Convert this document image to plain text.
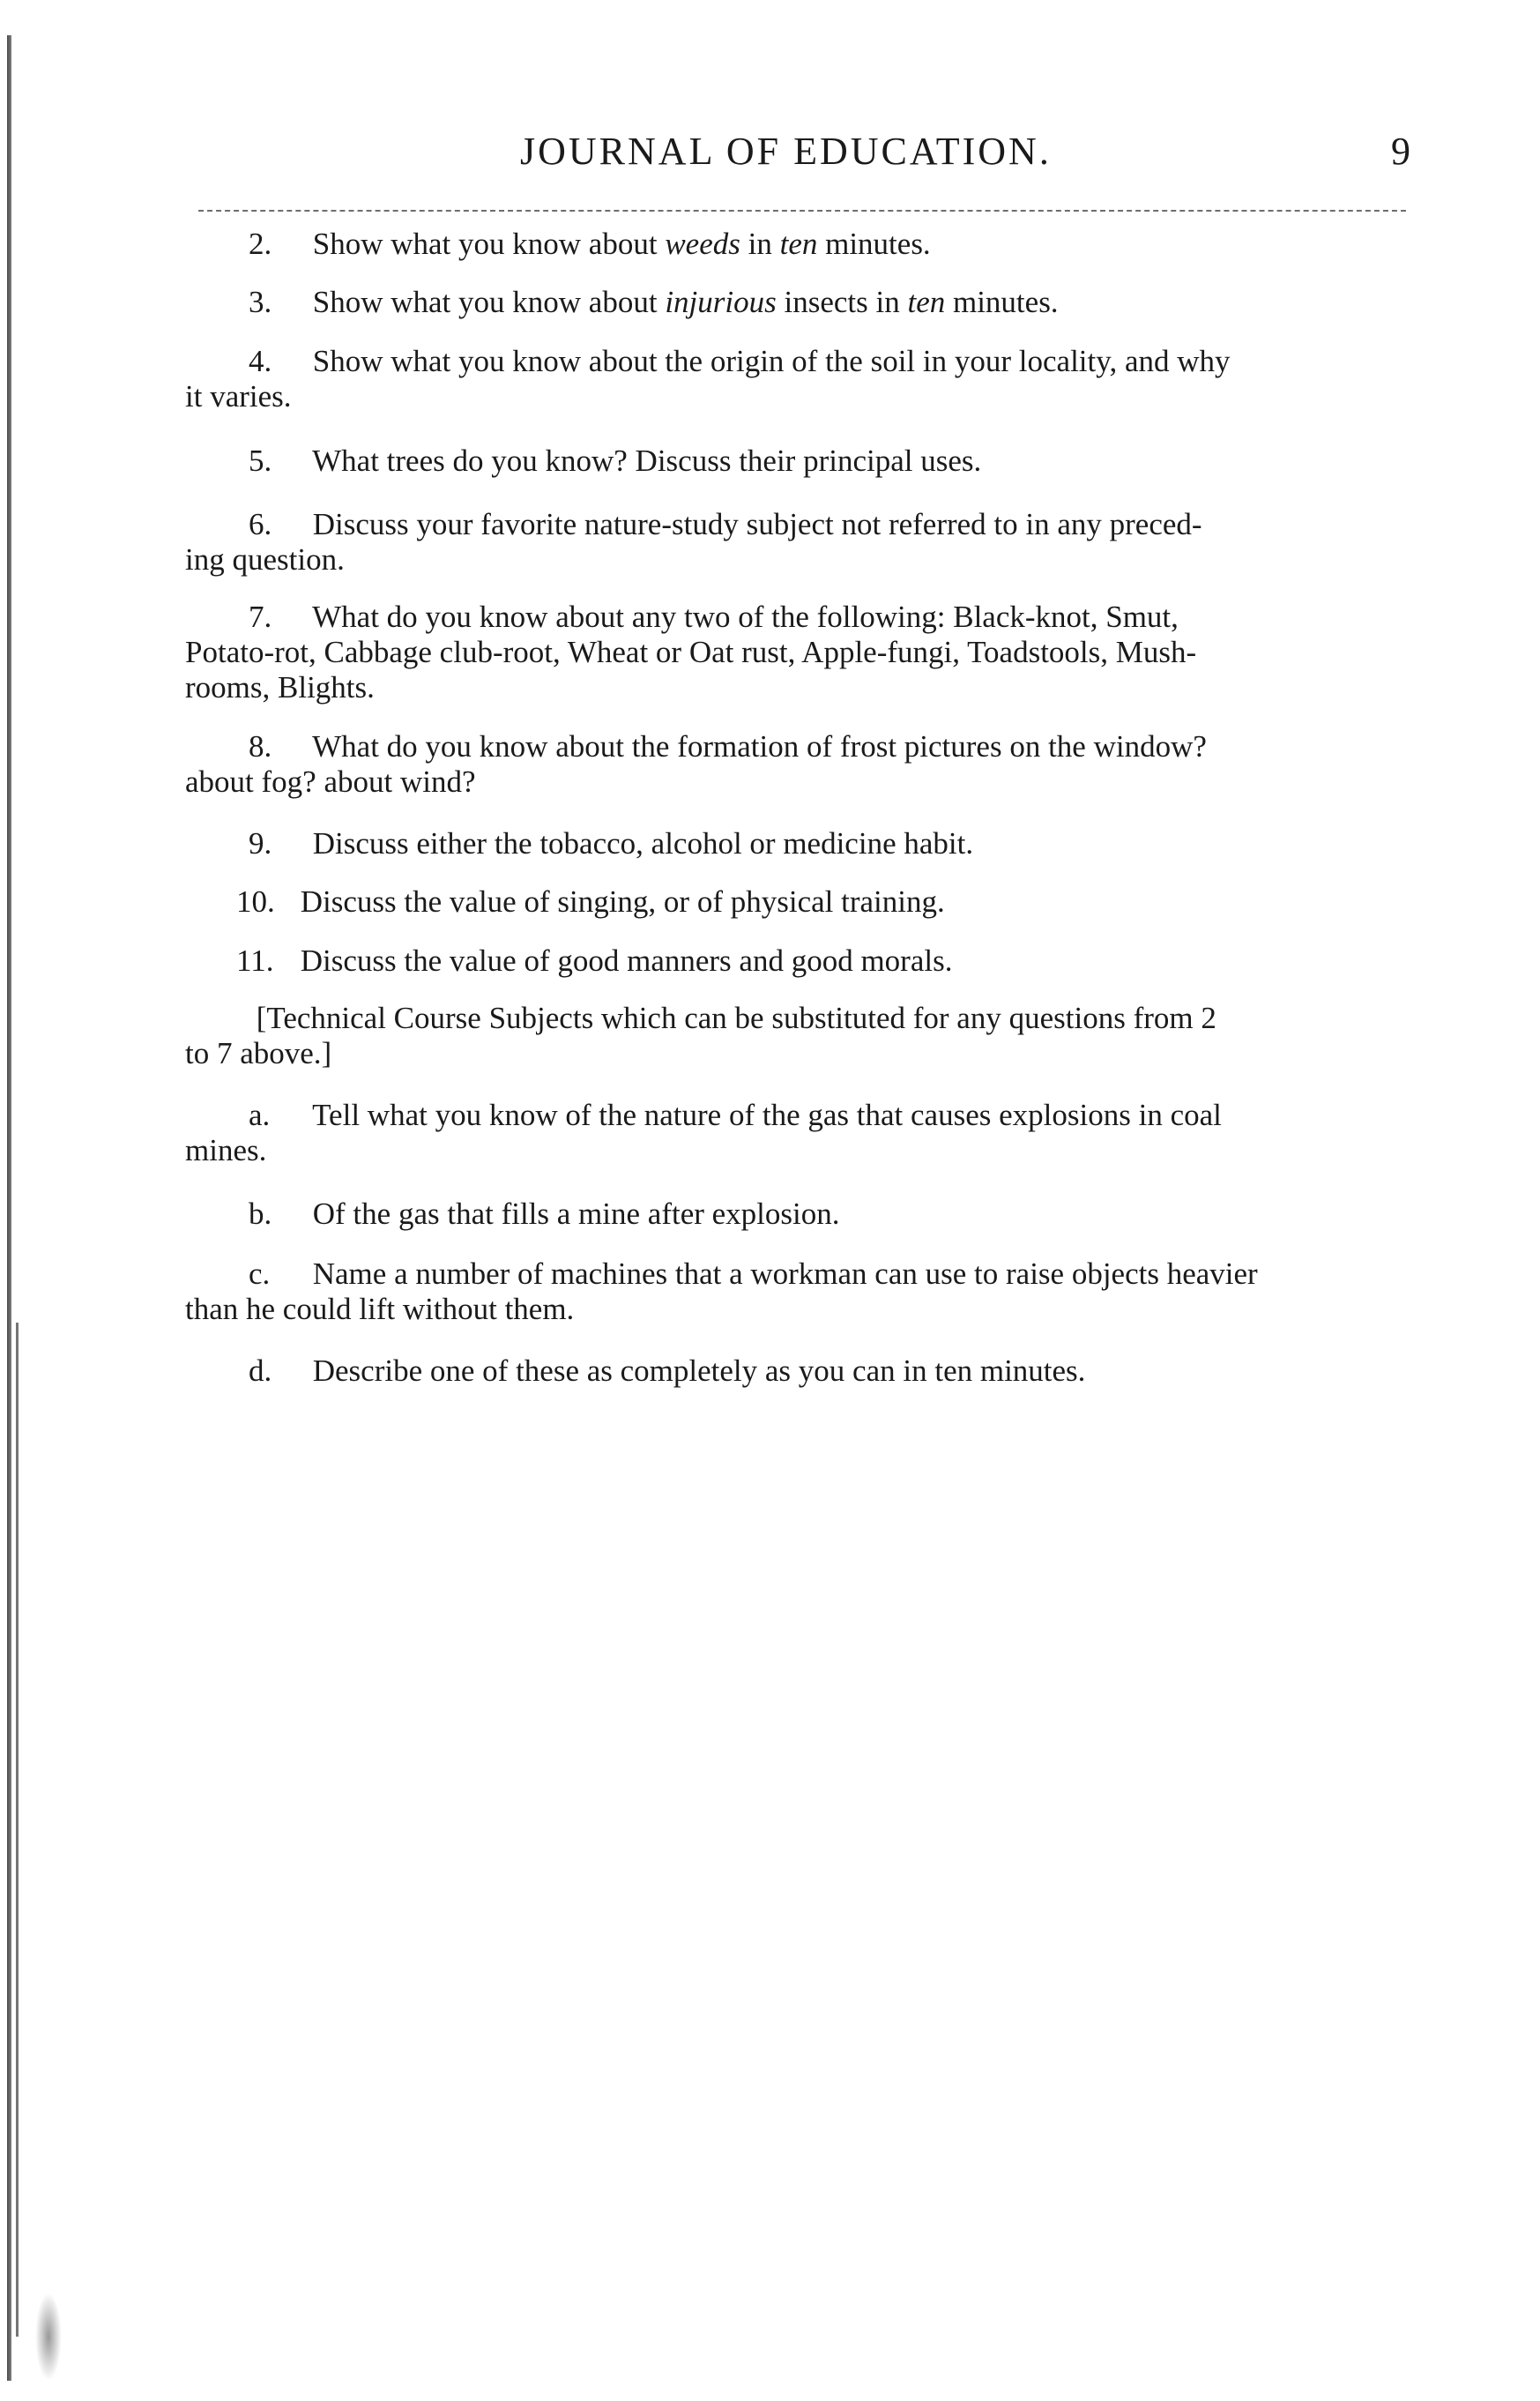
JOURNAL OF EDUCATION.	9
2. Show what you know about weeds in ten minutes.
3. Show what you know about injurious insects in ten minutes.
4. Show what you know about the origin of the soil in your locality, and why
it varies.
5. What trees do you know? Discuss their principal uses.
6. Discuss your favorite nature-study subject not referred to in any preced-
ing question.
7. What do you know about any two of the following: Black-knot, Smut,
Potato-rot, Cabbage club-root, Wheat or Oat rust, Apple-fungi, Toadstools, Mush-
rooms, Blights.
8. What do you know about the formation of frost pictures on the window?
about fog? about wind?
9. Discuss either the tobacco, alcohol or medicine habit.
10. Discuss the value of singing, or of physical training.
11. Discuss the value of good manners and good morals.
[Technical Course Subjects which can be substituted for any questions from 2
to 7 above.]
a. Tell what you know of the nature of the gas that causes explosions in coal
mines.
b. Of the gas that fills a mine after explosion.
c. Name a number of machines that a workman can use to raise objects heavier
than he could lift without them.
d. Describe one of these as completely as you can in ten minutes.
